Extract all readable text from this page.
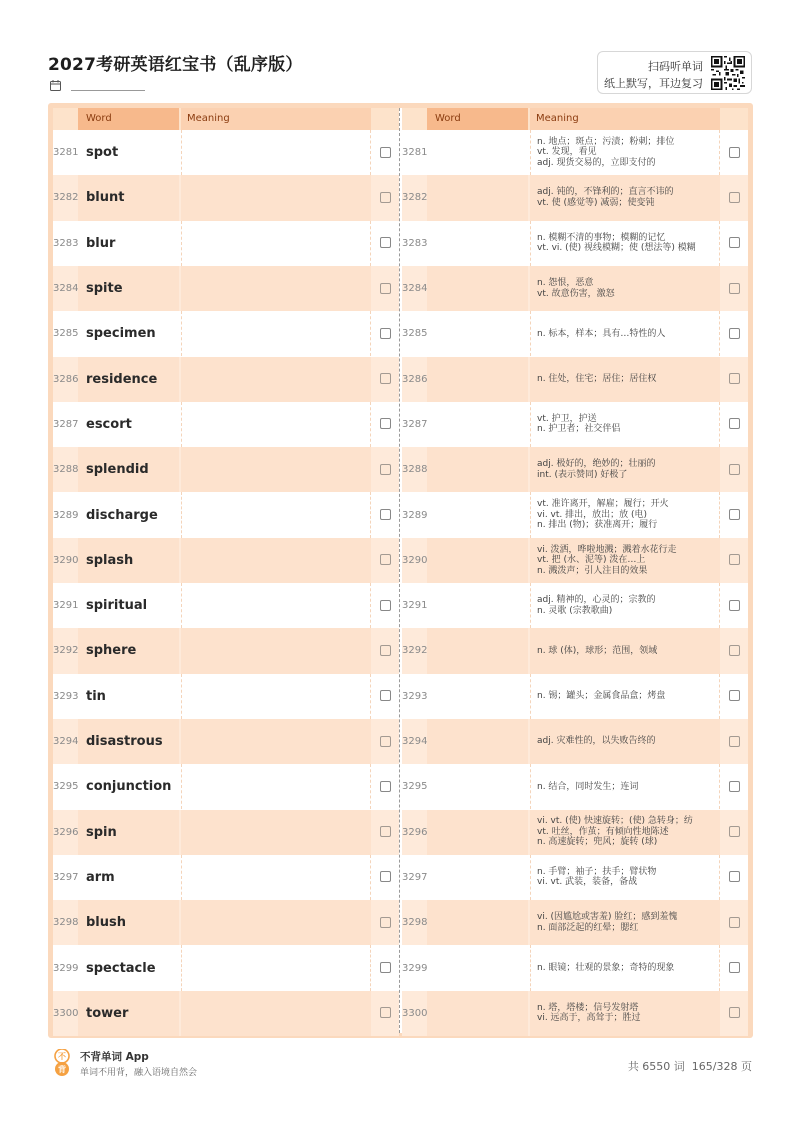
2027考研英语红宝书（乱序版）	扫码听单词
纸上默写，耳边复习
Word	Meaning
3281 spot
3282 blunt
3283 blur
3284 spite
3285 specimen
3286 residence
3287 escort
3288 splendid
3289 discharge
3290 splash
3291 spiritual
3292 sphere
3293 tin
3294 disastrous
3295 conjunction
3296 spin
3297 arm
3298 blush
3299 spectacle
3300 tower
Word	Meaning
3281
n. 地点；斑点；污渍；粉刺；排位
vt. 发现，看见
adj. 现货交易的，立即支付的
3282	adj. 钝的，不锋利的；直言不讳的
vt. 使 (感觉等) 减弱；使变钝
3283	n. 模糊不清的事物；模糊的记忆
vt. vi. (使) 视线模糊；使 (想法等) 模糊
3284	n. 怨恨，恶意
vt. 故意伤害，激怒
3285	n. 标本，样本；具有…特性的人
3286	n. 住处，住宅；居住；居住权
3287	vt. 护卫，护送
n. 护卫者；社交伴侣
3288	adj. 极好的，绝妙的；壮丽的
int. (表示赞同) 好极了
3289
vt. 准许离开，解雇；履行；开火
vi. vt. 排出，放出；放 (电)
n. 排出 (物)；获准离开；履行
3290
vi. 泼洒，哗啦地溅；溅着水花行走
vt. 把 (水、泥等) 泼在…上
n. 溅泼声；引人注目的效果
3291	adj. 精神的，心灵的；宗教的
n. 灵歌 (宗教歌曲)
3292	n. 球 (体)，球形；范围，领域
3293	n. 锡；罐头；金属食品盒；烤盘
3294	adj. 灾难性的，以失败告终的
3295	n. 结合，同时发生；连词
3296
vi. vt. (使) 快速旋转；(使) 急转身；纺
vt. 吐丝，作茧；有倾向性地陈述
n. 高速旋转；兜风；旋转 (球)
3297	n. 手臂；袖子；扶手；臂状物
vi. vt. 武装，装备，备战
3298	vi. (因尴尬或害羞) 脸红；感到羞愧
n. 面部泛起的红晕；腮红
3299	n. 眼镜；壮观的景象；奇特的现象
3300	n. 塔，塔楼；信号发射塔
vi. 远高于，高耸于；胜过
不
背
不背单词 App
单词不用背，融入语境自然会	共 6550 词  165/328 页
